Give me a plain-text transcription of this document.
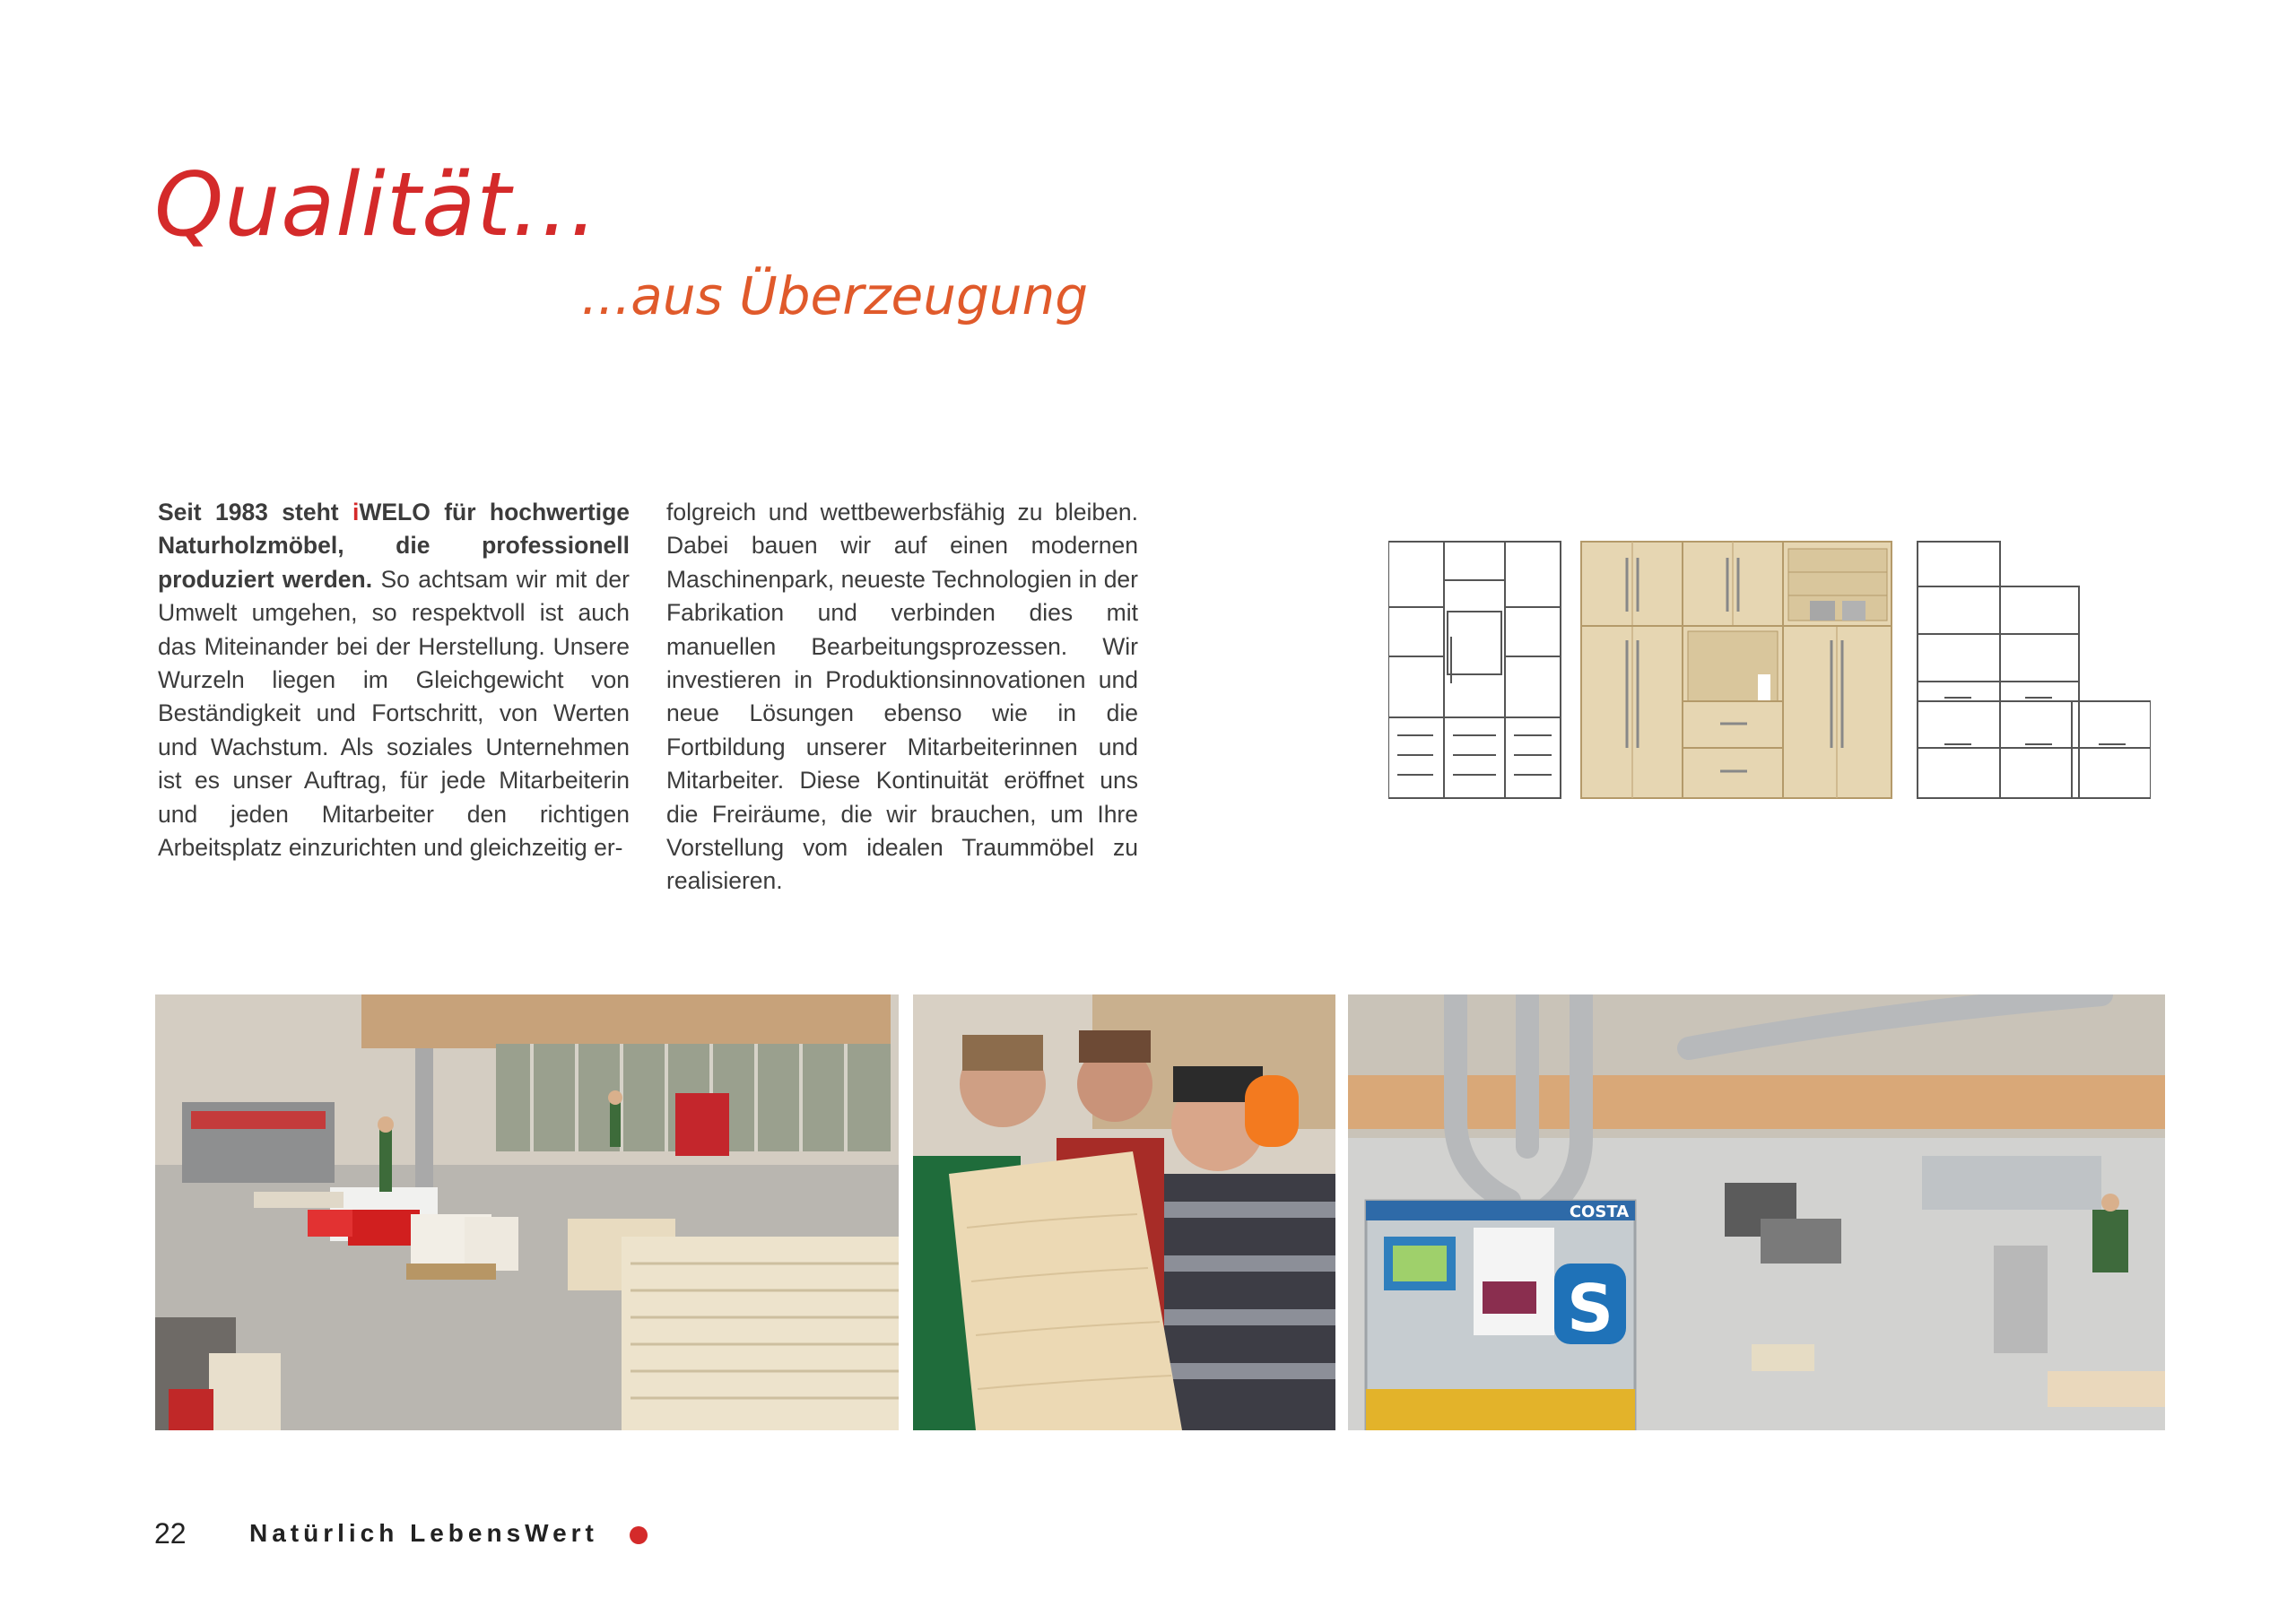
Qualität...
...aus Überzeugung

Seit 1983 steht iWELO für hochwertige Naturholzmöbel, die professionell produziert werden. So achtsam wir mit der Umwelt umgehen, so respektvoll ist auch das Miteinander bei der Herstellung. Unsere Wurzeln liegen im Gleichgewicht von Beständigkeit und Fortschritt, von Werten und Wachstum. Als soziales Unternehmen ist es unser Auftrag, für jede Mitarbeiterin und jeden Mitarbeiter den richtigen Arbeitsplatz einzurichten und gleichzeitig er-

folgreich und wettbewerbsfähig zu bleiben. Dabei bauen wir auf einen modernen Maschinenpark, neueste Technologien in der Fabrikation und verbinden dies mit manuellen Bearbeitungsprozessen. Wir investieren in Produktionsinnovationen und neue Lösungen ebenso wie in die Fortbildung unserer Mitarbeiterinnen und Mitarbeiter. Diese Kontinuität eröffnet uns die Freiräume, die wir brauchen, um Ihre Vorstellung vom idealen Traummöbel zu realisieren.

S
COSTA
22	Natürlich LebensWert
